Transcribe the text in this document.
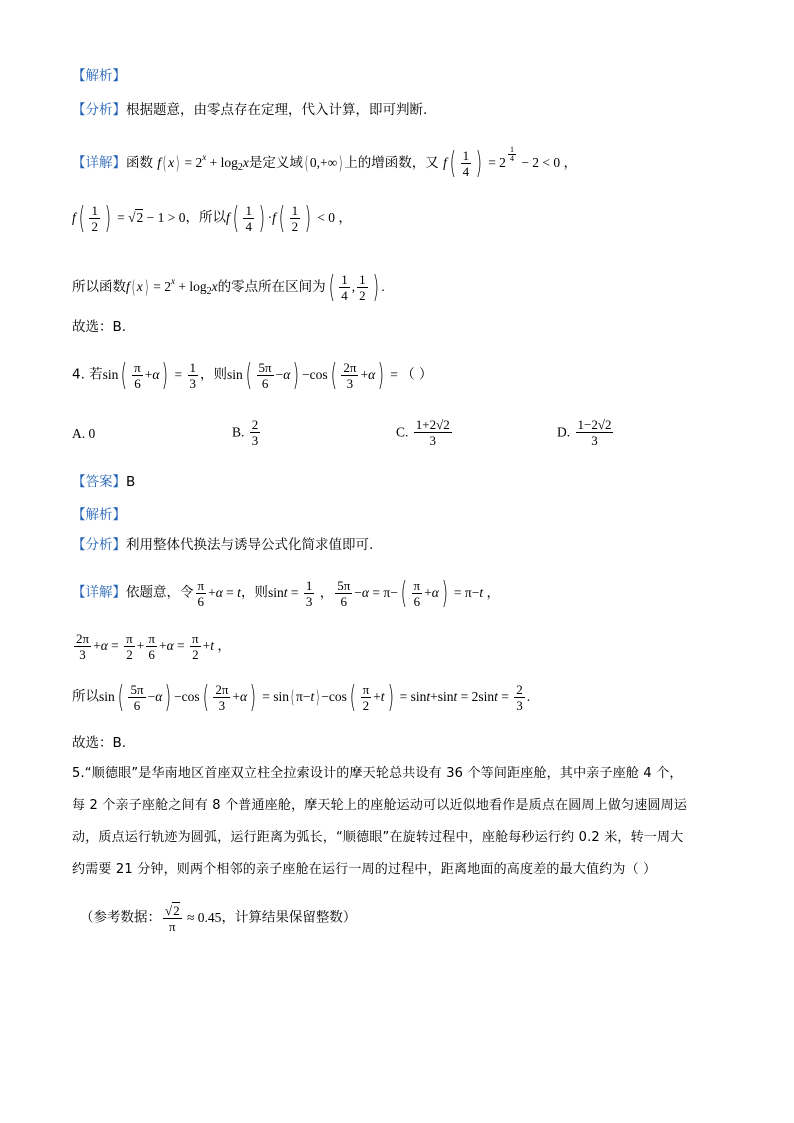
【解析】
【分析】根据题意，由零点存在定理，代入计算，即可判断.
【详解】函数 f( $x) = 2^x + \log_2x$是定义域( 0,+∞) 上的增函数，又 $f( \frac{1}{4}$ ) = 2 $^{\frac{1}{4}}$ − 2 < 0 ，
$f( \frac{1}{2}$ ) = √2 − 1 > 0，所以$f( \frac{1}{4}$ ) $\cdot f( \frac{1}{2}$ ) < 0 ，
所以函数f( $x) = 2^x + \log_2x$的零点所在区间为( $\frac{1}{4}$ , $\frac{1}{2}$ ) .
故选：B.
4. 若$\sin( \frac{\pi}{6} +\alpha) = \frac{1}{3}$ ，则$\sin( \frac{5\pi}{6} -\alpha) -\cos( \frac{2\pi}{3} +\alpha)$ = （ ）
A. 0	B. $\frac{2}{3}$	C. $\frac{1+2√2}{3}$	D. $\frac{1-2√2}{3}$
【答案】B
【解析】
【分析】利用整体代换法与诱导公式化简求值即可.
【详解】依题意，令 $\frac{\pi}{6} +\alpha = t$，则$\sin t = \frac{1}{3}$ ， $\frac{5\pi}{6} -\alpha = \pi-( \frac{\pi}{6} +\alpha) = \pi-t$ ，
$\frac{2\pi}{3} +\alpha = \frac{\pi}{2} + \frac{\pi}{6} +\alpha = \frac{\pi}{2} +t$ ，
所以$\sin( \frac{5\pi}{6} -\alpha) -\cos( \frac{2\pi}{3} +\alpha) = \sin$( $\pi-t) -\cos( \frac{\pi}{2} +t) = \sin t+\sin t = 2\sin t = \frac{2}{3}$ .
故选：B.
5.“顺德眼”是华南地区首座双立柱全拉索设计的摩天轮总共设有 36 个等间距座舱，其中亲子座舱 4 个，
每 2 个亲子座舱之间有 8 个普通座舱，摩天轮上的座舱运动可以近似地看作是质点在圆周上做匀速圆周运
动，质点运行轨迹为圆弧，运行距离为弧长，“顺德眼”在旋转过程中，座舱每秒运行约 0.2 米，转一周大
约需要 21 分钟，则两个相邻的亲子座舱在运行一周的过程中，距离地面的高度差的最大值约为（ ）
（参考数据： $\frac{√2}{\pi} \approx 0.45$，计算结果保留整数）
